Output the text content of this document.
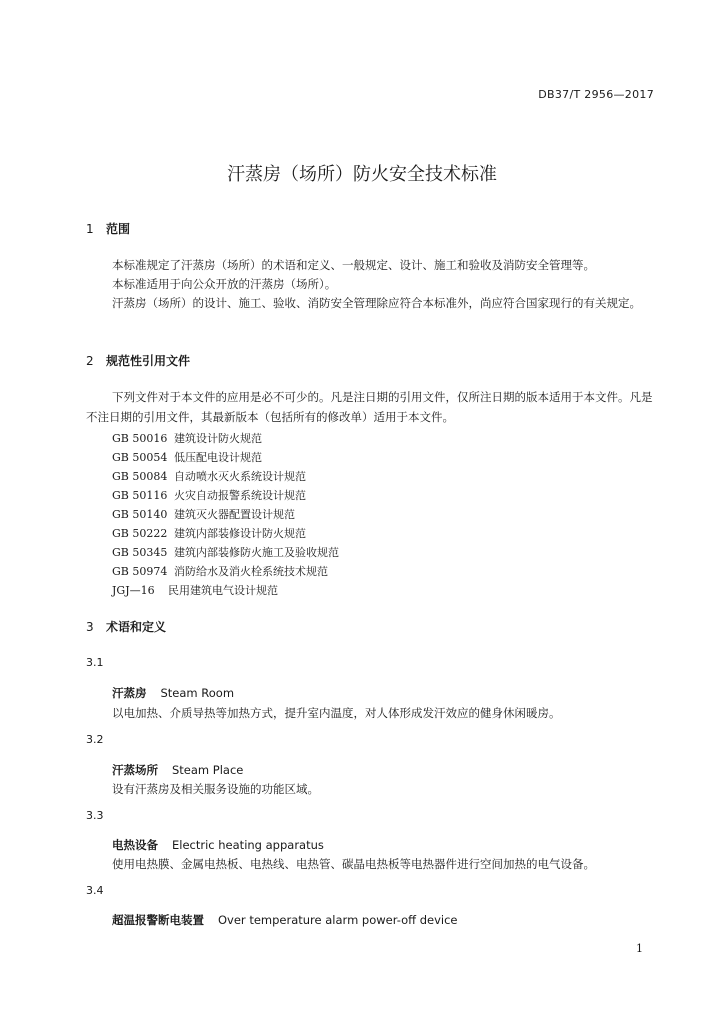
DB37/T 2956—2017
汗蒸房（场所）防火安全技术标准
1 范围
本标准规定了汗蒸房（场所）的术语和定义、一般规定、设计、施工和验收及消防安全管理等。
本标准适用于向公众开放的汗蒸房（场所）。
汗蒸房（场所）的设计、施工、验收、消防安全管理除应符合本标准外，尚应符合国家现行的有关规定。
2 规范性引用文件
下列文件对于本文件的应用是必不可少的。凡是注日期的引用文件，仅所注日期的版本适用于本文件。凡是不注日期的引用文件，其最新版本（包括所有的修改单）适用于本文件。
GB 50016 建筑设计防火规范
GB 50054 低压配电设计规范
GB 50084 自动喷水灭火系统设计规范
GB 50116 火灾自动报警系统设计规范
GB 50140 建筑灭火器配置设计规范
GB 50222 建筑内部装修设计防火规范
GB 50345 建筑内部装修防火施工及验收规范
GB 50974 消防给水及消火栓系统技术规范
JGJ—16 民用建筑电气设计规范
3 术语和定义
3.1
汗蒸房 Steam Room
以电加热、介质导热等加热方式，提升室内温度，对人体形成发汗效应的健身休闲暖房。
3.2
汗蒸场所 Steam Place
设有汗蒸房及相关服务设施的功能区域。
3.3
电热设备 Electric heating apparatus
使用电热膜、金属电热板、电热线、电热管、碳晶电热板等电热器件进行空间加热的电气设备。
3.4
超温报警断电装置 Over temperature alarm power-off device
1
